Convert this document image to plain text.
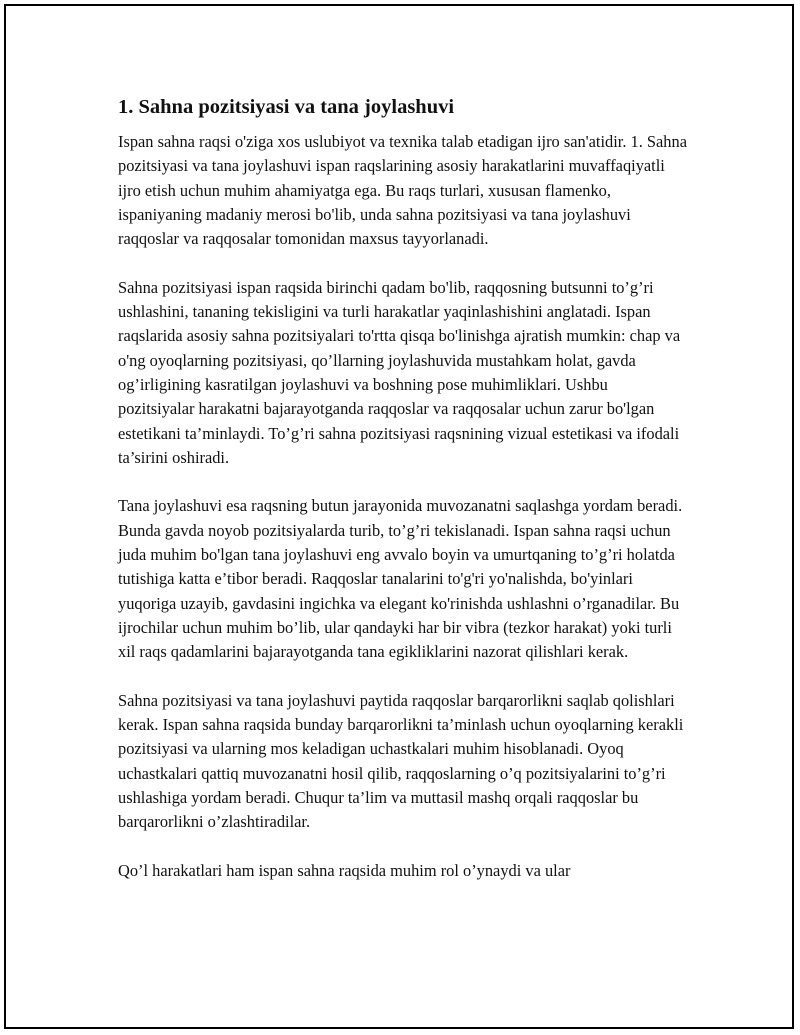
1. Sahna pozitsiyasi va tana joylashuvi

Ispan sahna raqsi o'ziga xos uslubiyot va texnika talab etadigan ijro san'atidir. 1. Sahna pozitsiyasi va tana joylashuvi ispan raqslarining asosiy harakatlarini muvaffaqiyatli ijro etish uchun muhim ahamiyatga ega. Bu raqs turlari, xususan flamenko, ispaniyaning madaniy merosi bo'lib, unda sahna pozitsiyasi va tana joylashuvi raqqoslar va raqqosalar tomonidan maxsus tayyorlanadi.

Sahna pozitsiyasi ispan raqsida birinchi qadam bo'lib, raqqosning butsunni to’g’ri ushlashini, tananing tekisligini va turli harakatlar yaqinlashishini anglatadi. Ispan raqslarida asosiy sahna pozitsiyalari to'rtta qisqa bo'linishga ajratish mumkin: chap va o'ng oyoqlarning pozitsiyasi, qo’llarning joylashuvida mustahkam holat, gavda og’irligining kasratilgan joylashuvi va boshning pose muhimliklari. Ushbu pozitsiyalar harakatni bajarayotganda raqqoslar va raqqosalar uchun zarur bo'lgan estetikani ta’minlaydi. To’g’ri sahna pozitsiyasi raqsnining vizual estetikasi va ifodali ta’sirini oshiradi.

Tana joylashuvi esa raqsning butun jarayonida muvozanatni saqlashga yordam beradi. Bunda gavda noyob pozitsiyalarda turib, to’g’ri tekislanadi. Ispan sahna raqsi uchun juda muhim bo'lgan tana joylashuvi eng avvalo boyin va umurtqaning to’g’ri holatda tutishiga katta e’tibor beradi. Raqqoslar tanalarini to'g'ri yo'nalishda, bo'yinlari yuqoriga uzayib, gavdasini ingichka va elegant ko'rinishda ushlashni o’rganadilar. Bu ijrochilar uchun muhim bo’lib, ular qandayki har bir vibra (tezkor harakat) yoki turli xil raqs qadamlarini bajarayotganda tana egikliklarini nazorat qilishlari kerak.

Sahna pozitsiyasi va tana joylashuvi paytida raqqoslar barqarorlikni saqlab qolishlari kerak. Ispan sahna raqsida bunday barqarorlikni ta’minlash uchun oyoqlarning kerakli pozitsiyasi va ularning mos keladigan uchastkalari muhim hisoblanadi. Oyoq uchastkalari qattiq muvozanatni hosil qilib, raqqoslarning o’q pozitsiyalarini to’g’ri ushlashiga yordam beradi. Chuqur ta’lim va muttasil mashq orqali raqqoslar bu barqarorlikni o’zlashtiradilar.

Qo’l harakatlari ham ispan sahna raqsida muhim rol o’ynaydi va ular
